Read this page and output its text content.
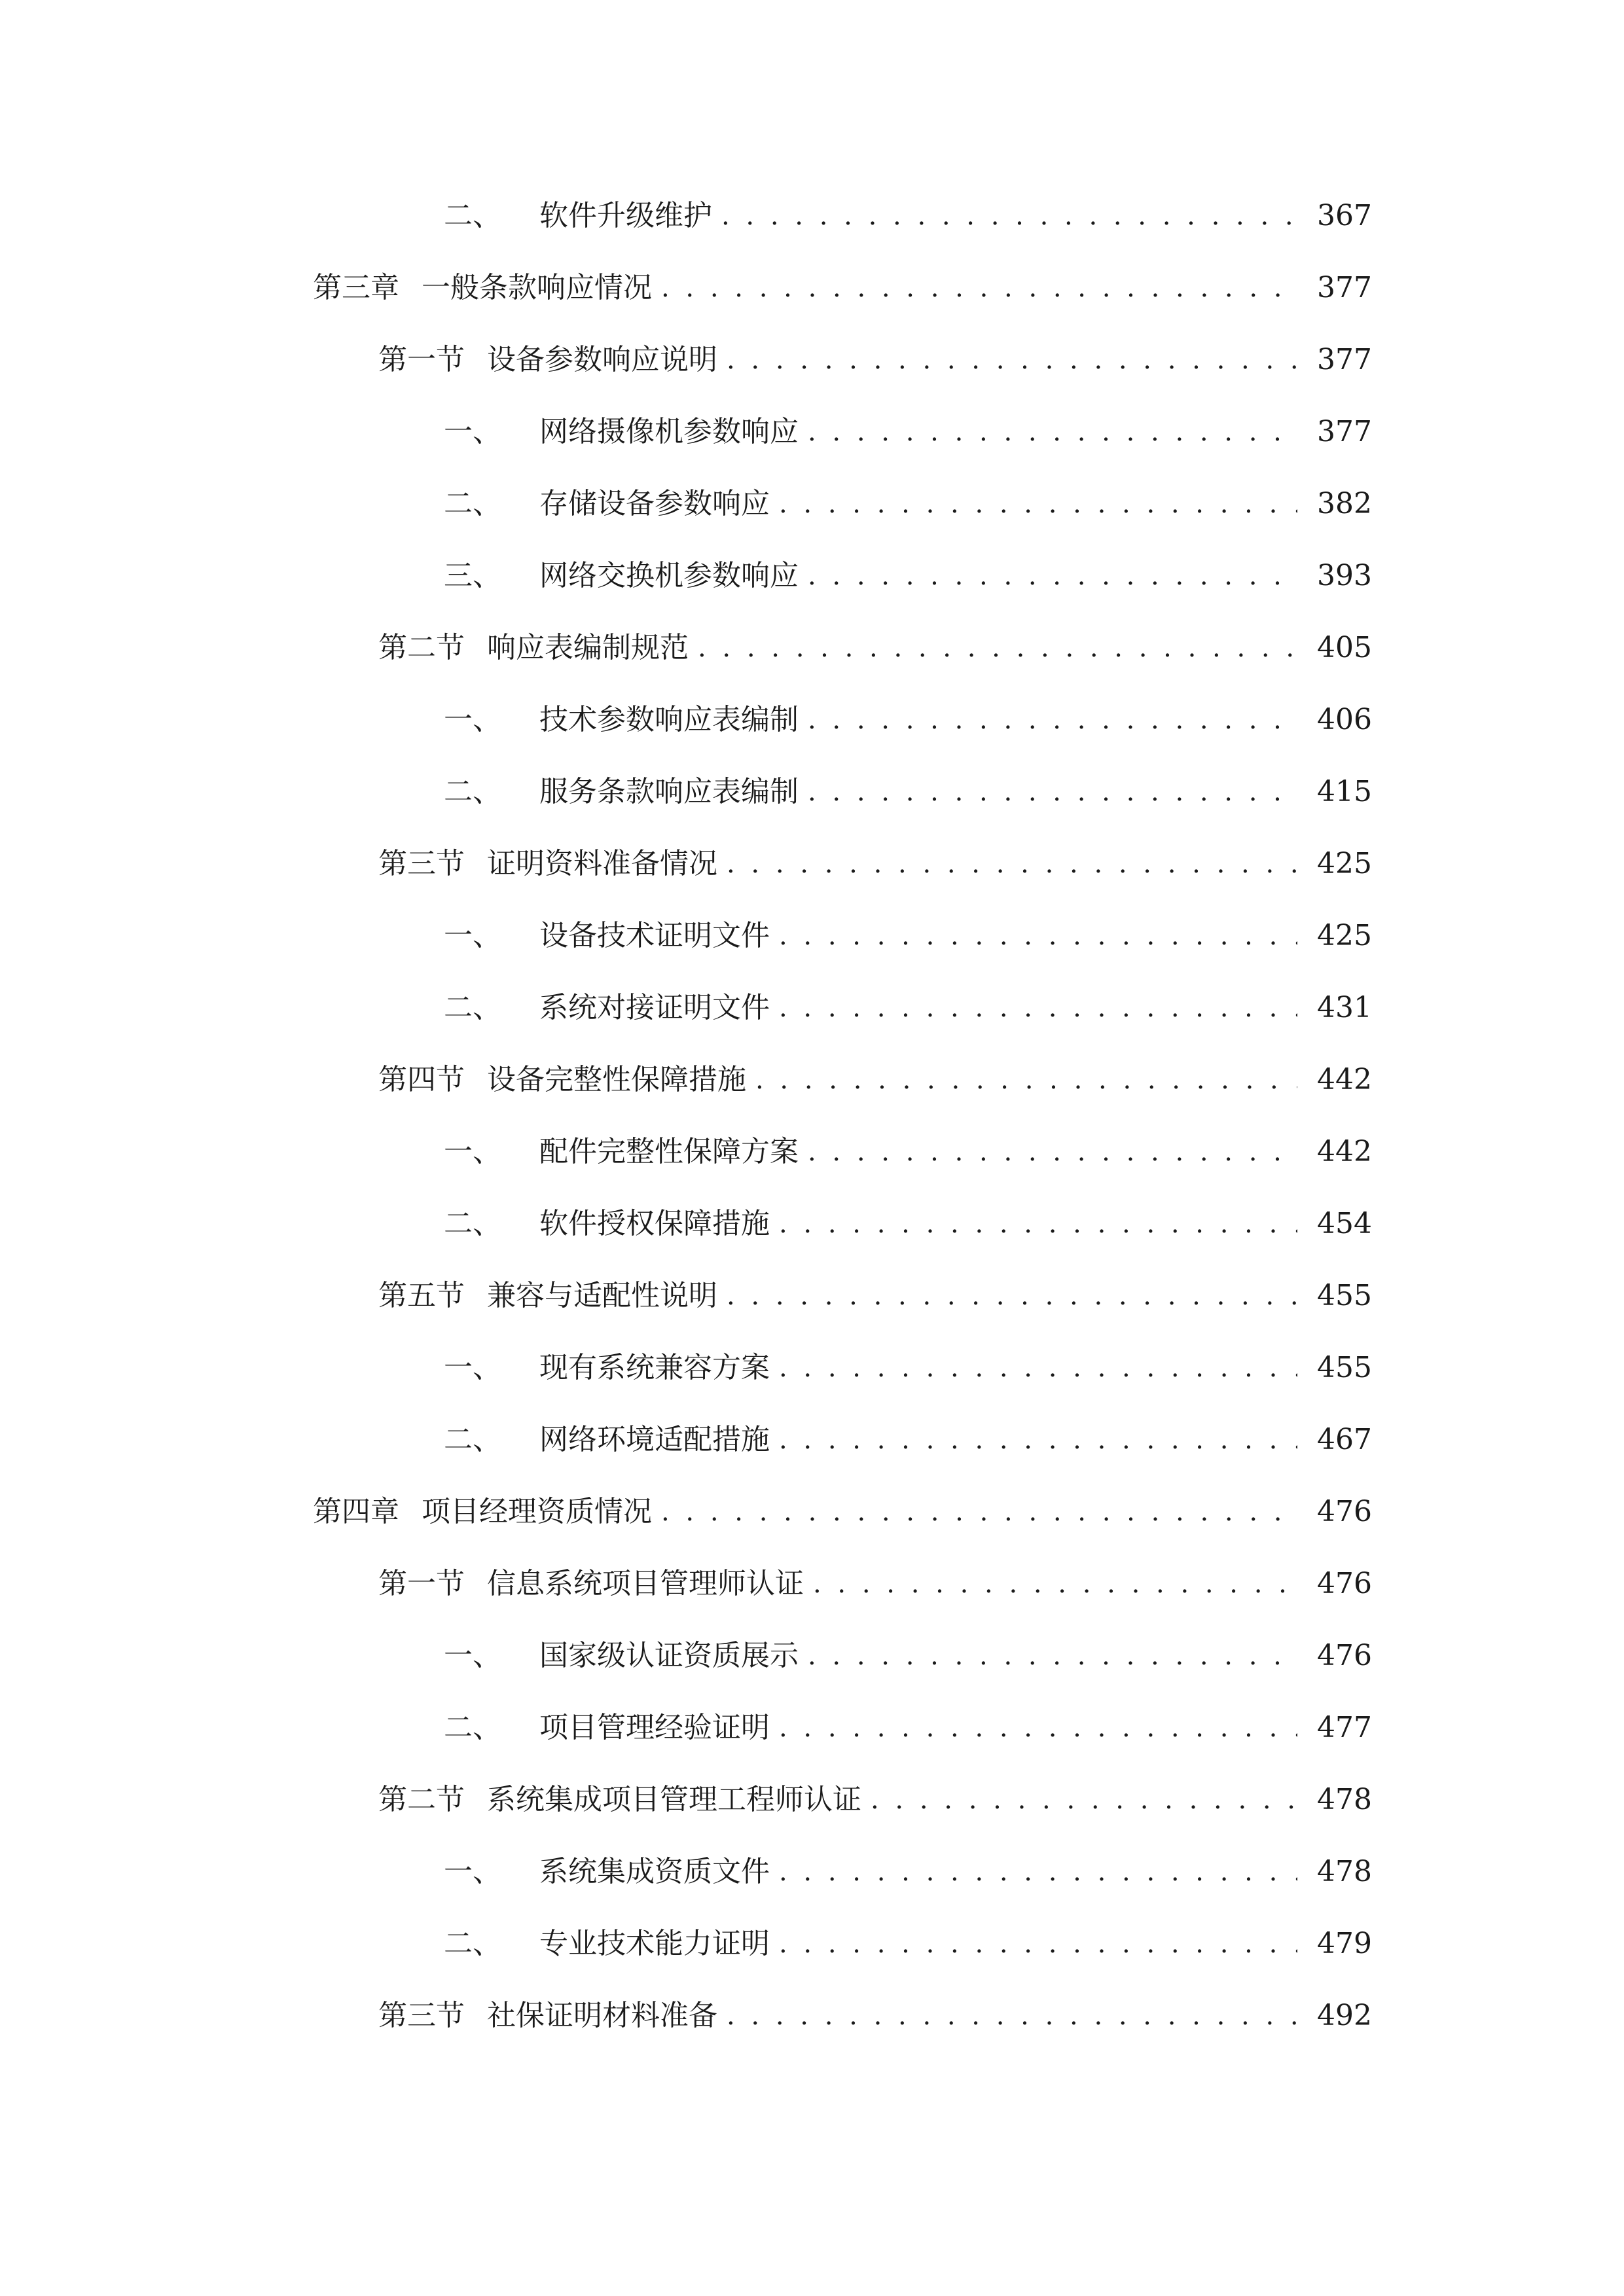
二、	软件升级维护 . . .	367
第三章 一般条款响应情况 . . .	377
第一节 设备参数响应说明 . . .	377
一、	网络摄像机参数响应 . . .	377
二、	存储设备参数响应 . . .	382
三、	网络交换机参数响应 . . .	393
第二节 响应表编制规范 . . .	405
一、	技术参数响应表编制 . . .	406
二、	服务条款响应表编制 . . .	415
第三节 证明资料准备情况 . . .	425
一、	设备技术证明文件 . . .	425
二、	系统对接证明文件 . . .	431
第四节 设备完整性保障措施 . . .	442
一、	配件完整性保障方案 . . .	442
二、	软件授权保障措施 . . .	454
第五节 兼容与适配性说明 . . .	455
一、	现有系统兼容方案 . . .	455
二、	网络环境适配措施 . . .	467
第四章 项目经理资质情况 . . .	476
第一节 信息系统项目管理师认证 . . .	476
一、	国家级认证资质展示 . . .	476
二、	项目管理经验证明 . . .	477
第二节 系统集成项目管理工程师认证 . . .	478
一、	系统集成资质文件 . . .	478
二、	专业技术能力证明 . . .	479
第三节 社保证明材料准备 . . .	492
